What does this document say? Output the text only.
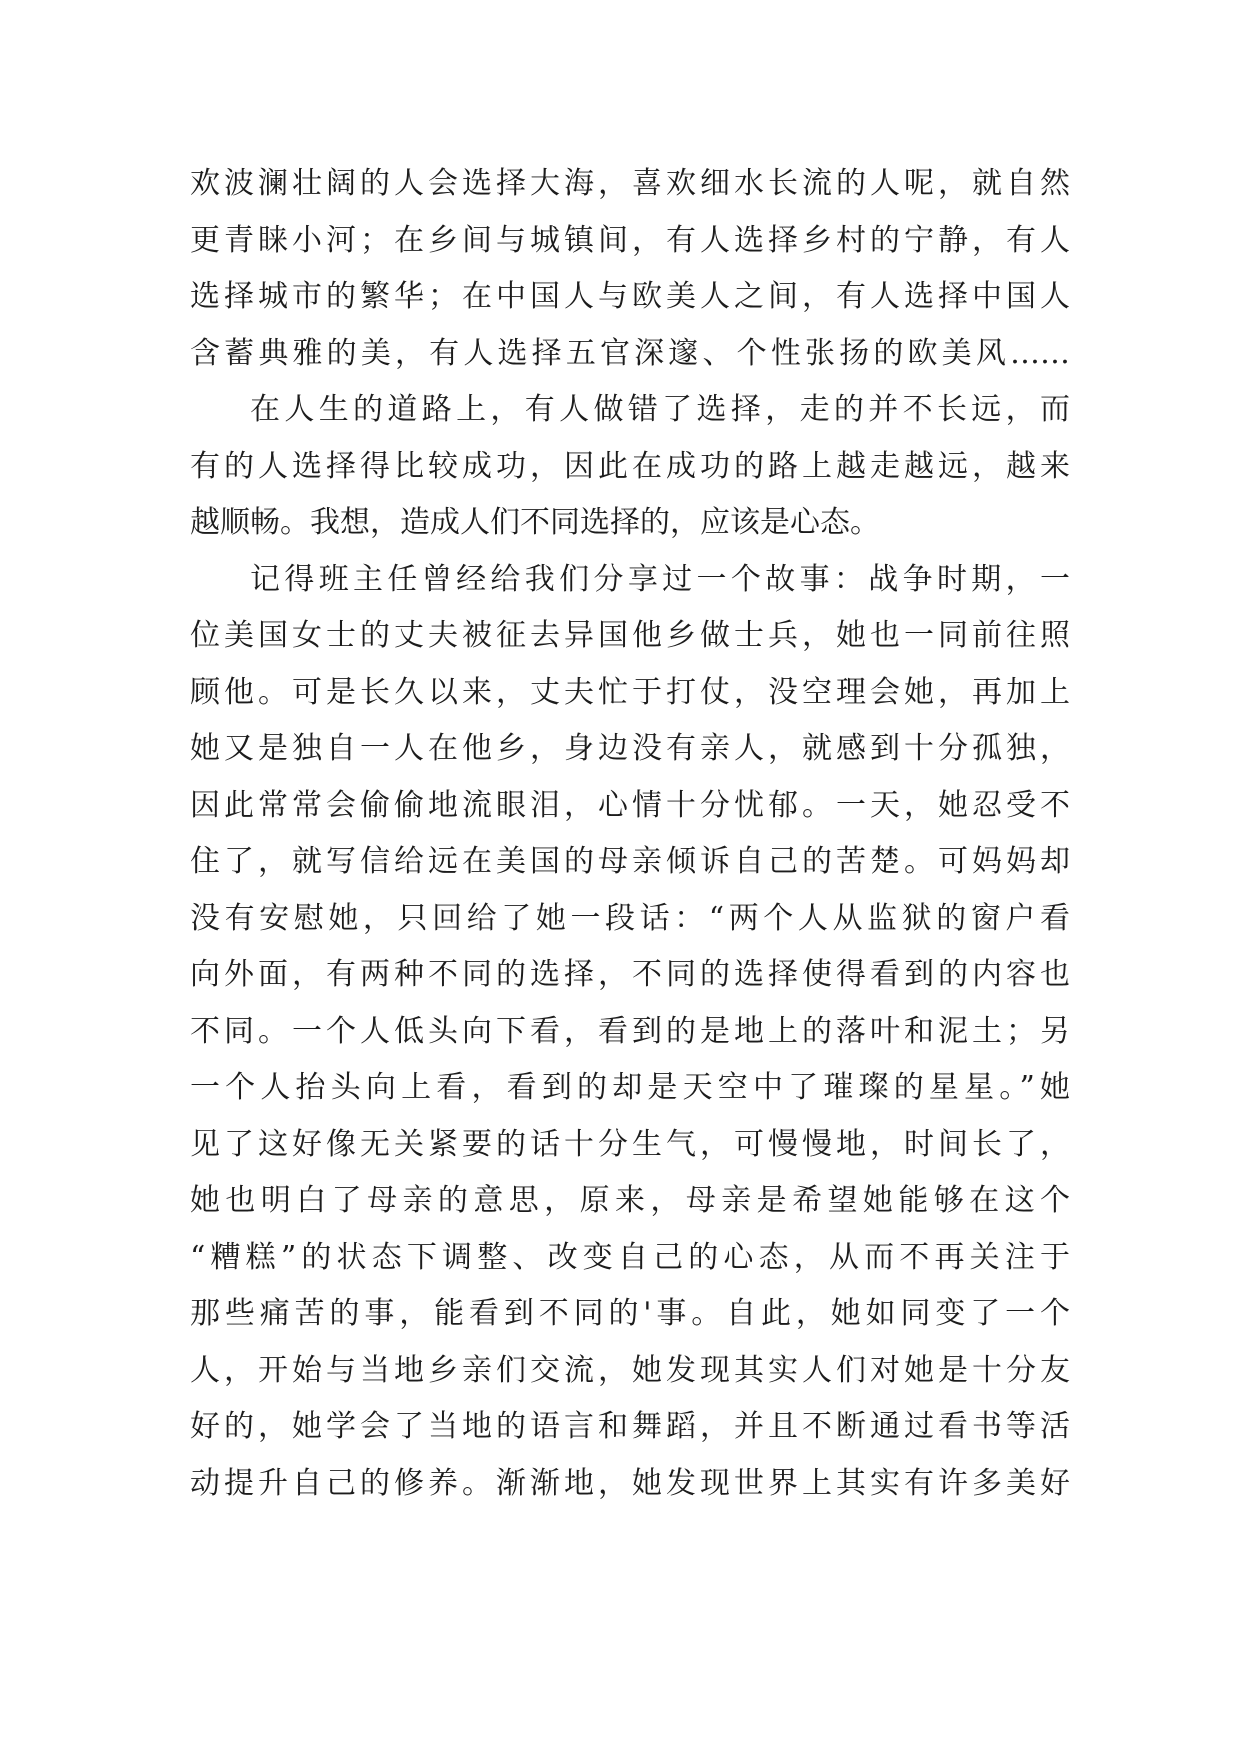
欢波澜壮阔的人会选择大海，喜欢细水长流的人呢，就自然
更青睐小河；在乡间与城镇间，有人选择乡村的宁静，有人
选择城市的繁华；在中国人与欧美人之间，有人选择中国人
含蓄典雅的美，有人选择五官深邃、个性张扬的欧美风……
在人生的道路上，有人做错了选择，走的并不长远，而
有的人选择得比较成功，因此在成功的路上越走越远，越来
越顺畅。我想，造成人们不同选择的，应该是心态。
记得班主任曾经给我们分享过一个故事：战争时期，一
位美国女士的丈夫被征去异国他乡做士兵，她也一同前往照
顾他。可是长久以来，丈夫忙于打仗，没空理会她，再加上
她又是独自一人在他乡，身边没有亲人，就感到十分孤独，
因此常常会偷偷地流眼泪，心情十分忧郁。一天，她忍受不
住了，就写信给远在美国的母亲倾诉自己的苦楚。可妈妈却
没有安慰她，只回给了她一段话：“两个人从监狱的窗户看
向外面，有两种不同的选择，不同的选择使得看到的内容也
不同。一个人低头向下看，看到的是地上的落叶和泥土；另
一个人抬头向上看，看到的却是天空中了璀璨的星星。”她
见了这好像无关紧要的话十分生气，可慢慢地，时间长了，
她也明白了母亲的意思，原来，母亲是希望她能够在这个
“糟糕”的状态下调整、改变自己的心态，从而不再关注于
那些痛苦的事，能看到不同的'事。自此，她如同变了一个
人，开始与当地乡亲们交流，她发现其实人们对她是十分友
好的，她学会了当地的语言和舞蹈，并且不断通过看书等活
动提升自己的修养。渐渐地，她发现世界上其实有许多美好
